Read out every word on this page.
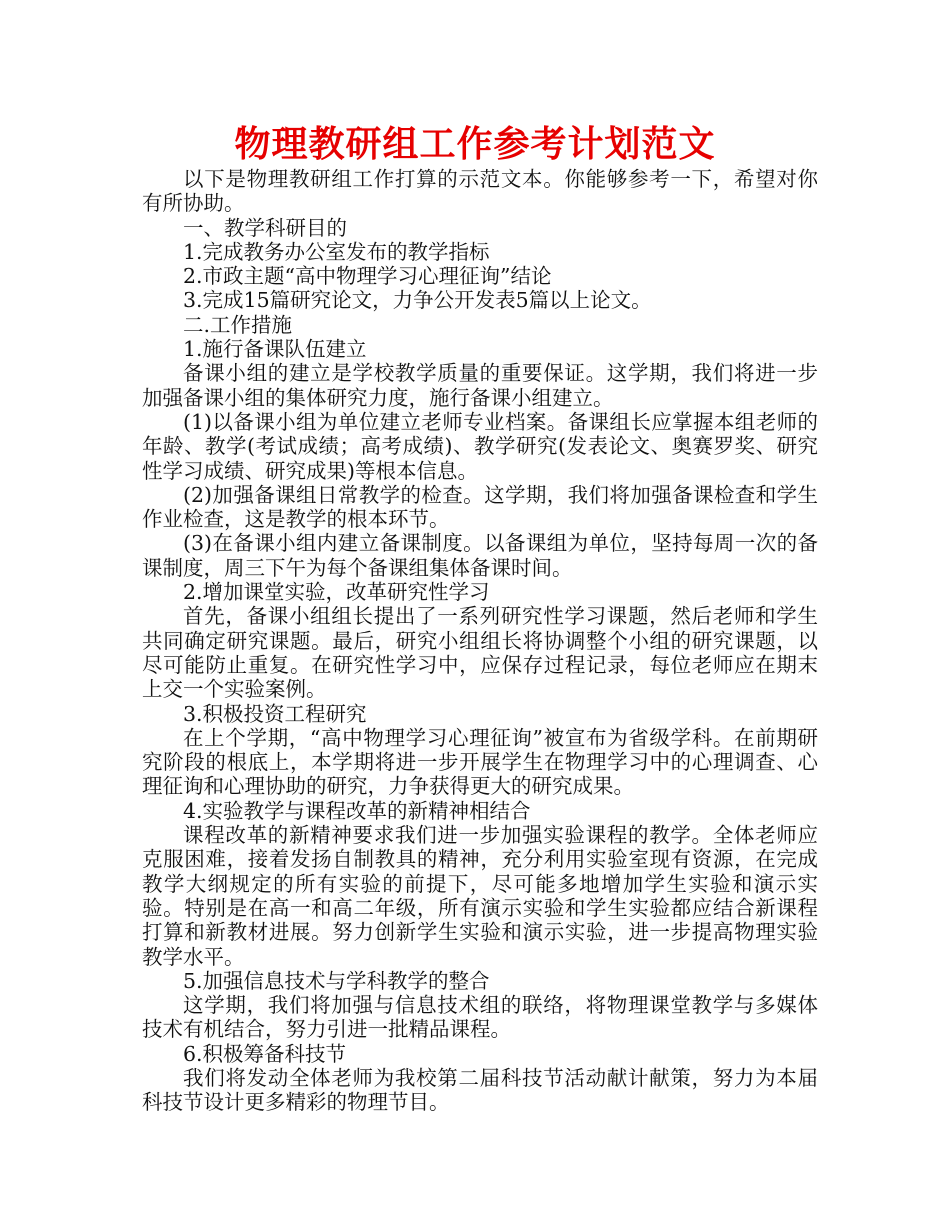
物理教研组工作参考计划范文

以下是物理教研组工作打算的示范文本。你能够参考一下，希望对你有所协助。

一、教学科研目的

1.完成教务办公室发布的教学指标

2.市政主题“高中物理学习心理征询”结论

3.完成15篇研究论文，力争公开发表5篇以上论文。

二.工作措施

1.施行备课队伍建立

备课小组的建立是学校教学质量的重要保证。这学期，我们将进一步加强备课小组的集体研究力度，施行备课小组建立。

(1)以备课小组为单位建立老师专业档案。备课组长应掌握本组老师的年龄、教学(考试成绩；高考成绩)、教学研究(发表论文、奥赛罗奖、研究性学习成绩、研究成果)等根本信息。

(2)加强备课组日常教学的检查。这学期，我们将加强备课检查和学生作业检查，这是教学的根本环节。

(3)在备课小组内建立备课制度。以备课组为单位，坚持每周一次的备课制度，周三下午为每个备课组集体备课时间。

2.增加课堂实验，改革研究性学习

首先，备课小组组长提出了一系列研究性学习课题，然后老师和学生共同确定研究课题。最后，研究小组组长将协调整个小组的研究课题，以尽可能防止重复。在研究性学习中，应保存过程记录，每位老师应在期末上交一个实验案例。

3.积极投资工程研究

在上个学期，“高中物理学习心理征询”被宣布为省级学科。在前期研究阶段的根底上，本学期将进一步开展学生在物理学习中的心理调查、心理征询和心理协助的研究，力争获得更大的研究成果。

4.实验教学与课程改革的新精神相结合

课程改革的新精神要求我们进一步加强实验课程的教学。全体老师应克服困难，接着发扬自制教具的精神，充分利用实验室现有资源，在完成教学大纲规定的所有实验的前提下，尽可能多地增加学生实验和演示实验。特别是在高一和高二年级，所有演示实验和学生实验都应结合新课程打算和新教材进展。努力创新学生实验和演示实验，进一步提高物理实验教学水平。

5.加强信息技术与学科教学的整合

这学期，我们将加强与信息技术组的联络，将物理课堂教学与多媒体技术有机结合，努力引进一批精品课程。

6.积极筹备科技节

我们将发动全体老师为我校第二届科技节活动献计献策，努力为本届科技节设计更多精彩的物理节目。
